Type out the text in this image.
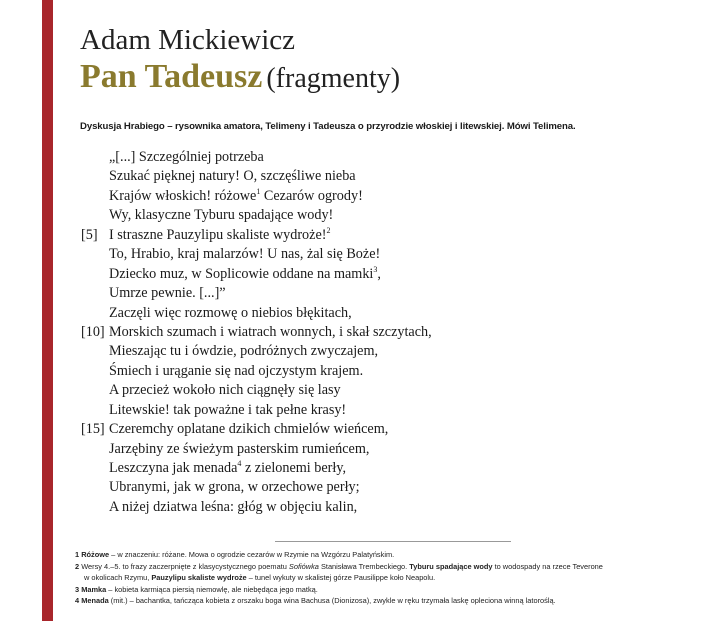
Adam Mickiewicz
Pan Tadeusz (fragmenty)
Dyskusja Hrabiego – rysownika amatora, Telimeny i Tadeusza o przyrodzie włoskiej i litewskiej. Mówi Telimena.
„[...] Szczególniej potrzeba
Szukać pięknej natury! O, szczęśliwe nieba
Krajów włoskich! różowe$^1$ Cezarów ogrody!
Wy, klasyczne Tyburu spadające wody!
[5] I straszne Pauzylipu skaliste wydroże!$^2$
To, Hrabio, kraj malarzów! U nas, żal się Boże!
Dziecko muz, w Soplicowie oddane na mamki$^3$,
Umrze pewnie. [...]”
Zaczęli więc rozmowę o niebios błękitach,
[10] Morskich szumach i wiatrach wonnych, i skał szczytach,
Mieszając tu i ówdzie, podróżnych zwyczajem,
Śmiech i urąganie się nad ojczystym krajem.
A przecież wokoło nich ciągnęły się lasy
Litewskie! tak poważne i tak pełne krasy!
[15] Czeremchy oplatane dzikich chmielów wieńcem,
Jarzębiny ze świeżym pasterskim rumieńcem,
Leszczyna jak menada$^4$ z zielonemi berły,
Ubranymi, jak w grona, w orzechowe perły;
A niżej dziatwa leśna: głóg w objęciu kalin,
1 Różowe – w znaczeniu: różane. Mowa o ogrodzie cezarów w Rzymie na Wzgórzu Palatyńskim.
2 Wersy 4.–5. to frazy zaczerpnięte z klasycystycznego poematu Sofiówka Stanisława Trembeckiego. Tyburu spadające wody to wodospady na rzece Teverone
w okolicach Rzymu, Pauzylipu skaliste wydroże – tunel wykuty w skalistej górze Pausilippe koło Neapolu.
3 Mamka – kobieta karmiąca piersią niemowlę, ale niebędąca jego matką.
4 Menada (mit.) – bachantka, tańcząca kobieta z orszaku boga wina Bachusa (Dionizosa), zwykle w ręku trzymała laskę opleciona winną latoroślą.
